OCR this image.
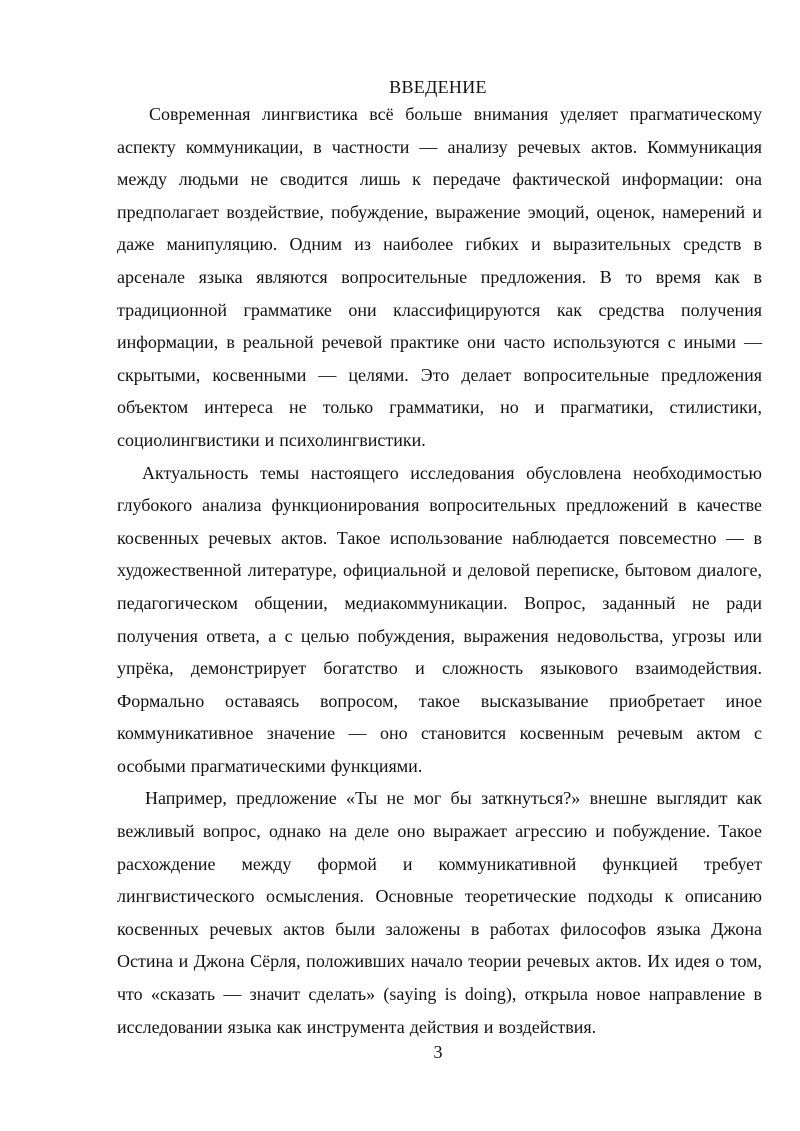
ВВЕДЕНИЕ

Современная лингвистика всё больше внимания уделяет прагматическому аспекту коммуникации, в частности — анализу речевых актов. Коммуникация между людьми не сводится лишь к передаче фактической информации: она предполагает воздействие, побуждение, выражение эмоций, оценок, намерений и даже манипуляцию. Одним из наиболее гибких и выразительных средств в арсенале языка являются вопросительные предложения. В то время как в традиционной грамматике они классифицируются как средства получения информации, в реальной речевой практике они часто используются с иными — скрытыми, косвенными — целями. Это делает вопросительные предложения объектом интереса не только грамматики, но и прагматики, стилистики, социолингвистики и психолингвистики.

Актуальность темы настоящего исследования обусловлена необходимостью глубокого анализа функционирования вопросительных предложений в качестве косвенных речевых актов. Такое использование наблюдается повсеместно — в художественной литературе, официальной и деловой переписке, бытовом диалоге, педагогическом общении, медиакоммуникации. Вопрос, заданный не ради получения ответа, а с целью побуждения, выражения недовольства, угрозы или упрёка, демонстрирует богатство и сложность языкового взаимодействия. Формально оставаясь вопросом, такое высказывание приобретает иное коммуникативное значение — оно становится косвенным речевым актом с особыми прагматическими функциями.

Например, предложение «Ты не мог бы заткнуться?» внешне выглядит как вежливый вопрос, однако на деле оно выражает агрессию и побуждение. Такое расхождение между формой и коммуникативной функцией требует лингвистического осмысления. Основные теоретические подходы к описанию косвенных речевых актов были заложены в работах философов языка Джона Остина и Джона Сёрля, положивших начало теории речевых актов. Их идея о том, что «сказать — значит сделать» (saying is doing), открыла новое направление в исследовании языка как инструмента действия и воздействия.

3
